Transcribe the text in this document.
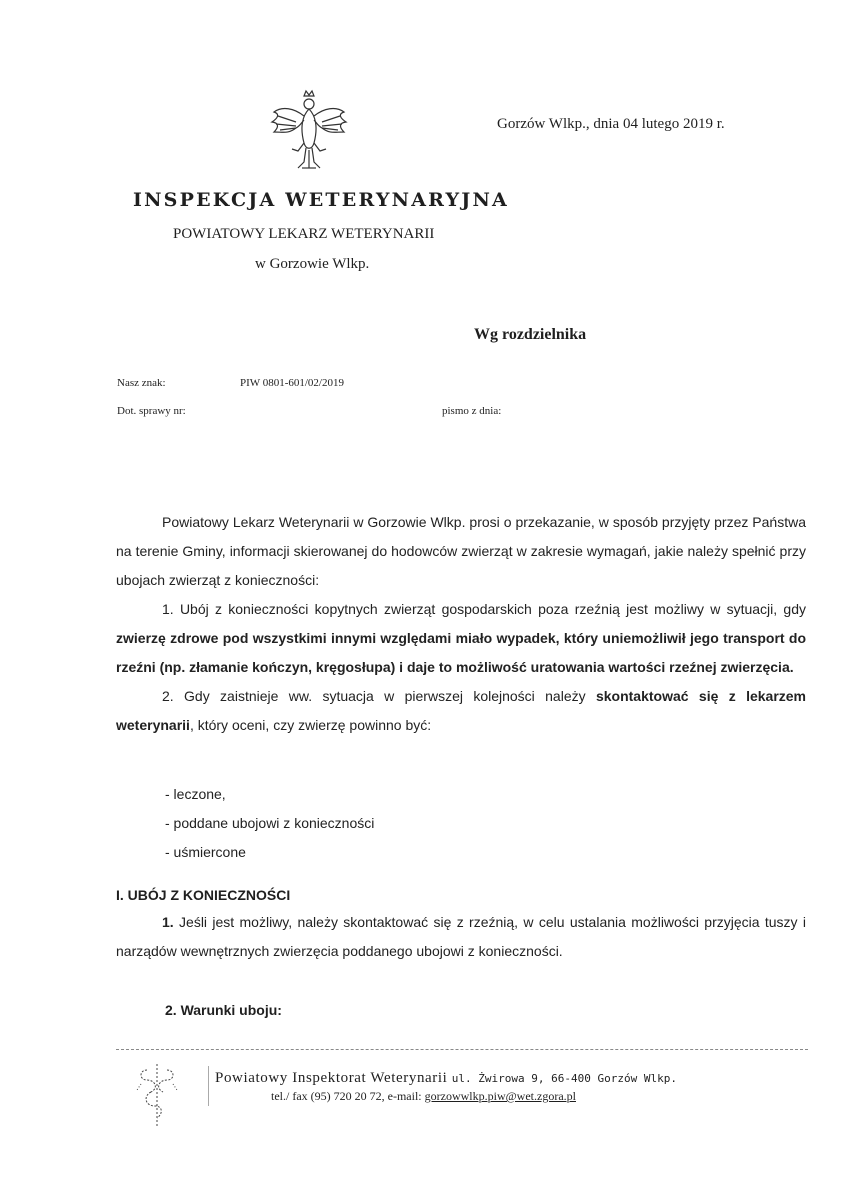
Gorzów Wlkp., dnia 04 lutego 2019 r.
INSPEKCJA WETERYNARYJNA
POWIATOWY LEKARZ WETERYNARII
w Gorzowie Wlkp.
Wg rozdzielnika
Nasz znak:	PIW 0801-601/02/2019
Dot. sprawy nr:	pismo z dnia:

Powiatowy Lekarz Weterynarii w Gorzowie Wlkp. prosi o przekazanie, w sposób przyjęty przez Państwa na terenie Gminy, informacji skierowanej do hodowców zwierząt w zakresie wymagań, jakie należy spełnić przy ubojach zwierząt z konieczności:

1. Ubój z konieczności kopytnych zwierząt gospodarskich poza rzeźnią jest możliwy w sytuacji, gdy zwierzę zdrowe pod wszystkimi innymi względami miało wypadek, który uniemożliwił jego transport do rzeźni (np. złamanie kończyn, kręgosłupa) i daje to możliwość uratowania wartości rzeźnej zwierzęcia.

2. Gdy zaistnieje ww. sytuacja w pierwszej kolejności należy skontaktować się z lekarzem weterynarii, który oceni, czy zwierzę powinno być:

- leczone,
- poddane ubojowi z konieczności
- uśmiercone
I. UBÓJ Z KONIECZNOŚCI

1. Jeśli jest możliwy, należy skontaktować się z rzeźnią, w celu ustalania możliwości przyjęcia tuszy i narządów wewnętrznych zwierzęcia poddanego ubojowi z konieczności.

2. Warunki uboju:
Powiatowy Inspektorat Weterynarii ul. Żwirowa 9, 66-400 Gorzów Wlkp.
tel./ fax (95) 720 20 72, e-mail: gorzowwlkp.piw@wet.zgora.pl
